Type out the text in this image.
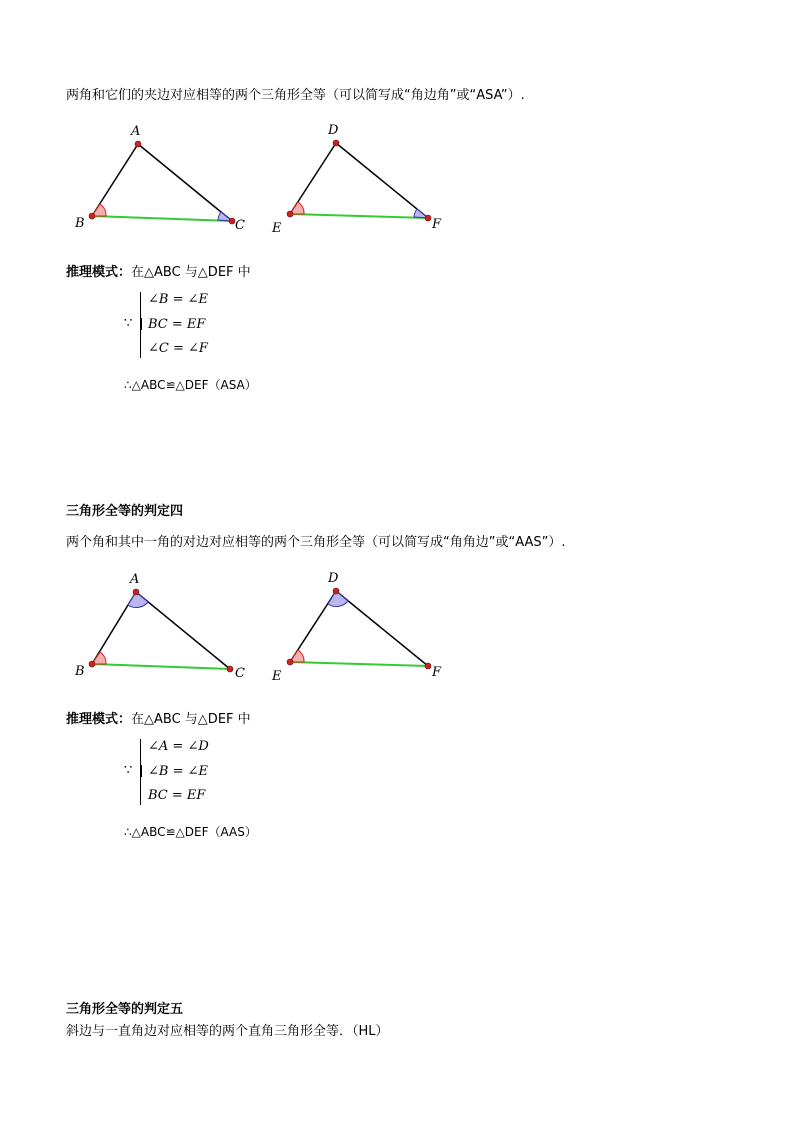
两角和它们的夹边对应相等的两个三角形全等（可以简写成“角边角”或“ASA”）.
A
B	C
D
E	F
推理模式：在△ABC 与△DEF 中
∵
∠B = ∠E
BC = EF
∠C = ∠F
∴△ABC≌△DEF（ASA）
三角形全等的判定四
两个角和其中一角的对边对应相等的两个三角形全等（可以简写成“角角边”或“AAS”）.
A
B	C
D
E	F
推理模式：在△ABC 与△DEF 中
∵
∠A = ∠D
∠B = ∠E
BC = EF
∴△ABC≌△DEF（AAS）
三角形全等的判定五
斜边与一直角边对应相等的两个直角三角形全等．（HL）
